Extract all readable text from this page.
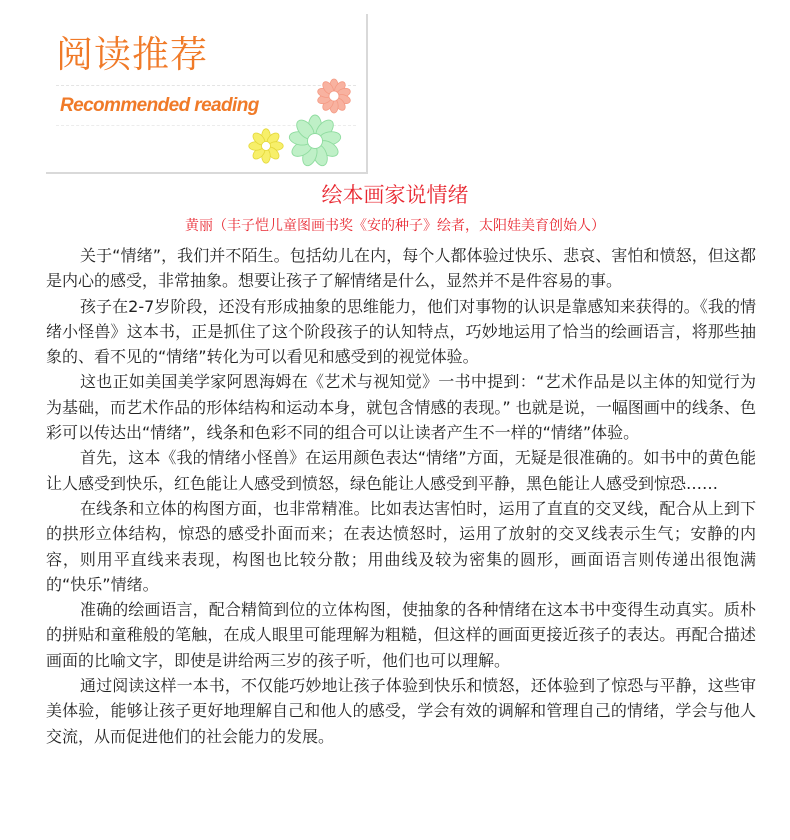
阅读推荐
Recommended reading
绘本画家说情绪
黄丽（丰子恺儿童图画书奖《安的种子》绘者，太阳娃美育创始人）

关于“情绪”，我们并不陌生。包括幼儿在内，每个人都体验过快乐、悲哀、害怕和愤怒，但这都是内心的感受，非常抽象。想要让孩子了解情绪是什么，显然并不是件容易的事。

孩子在2-7岁阶段，还没有形成抽象的思维能力，他们对事物的认识是靠感知来获得的。《我的情绪小怪兽》这本书，正是抓住了这个阶段孩子的认知特点，巧妙地运用了恰当的绘画语言，将那些抽象的、看不见的“情绪”转化为可以看见和感受到的视觉体验。

这也正如美国美学家阿恩海姆在《艺术与视知觉》一书中提到：“艺术作品是以主体的知觉行为为基础，而艺术作品的形体结构和运动本身，就包含情感的表现。” 也就是说，一幅图画中的线条、色彩可以传达出“情绪”，线条和色彩不同的组合可以让读者产生不一样的“情绪”体验。

首先，这本《我的情绪小怪兽》在运用颜色表达“情绪”方面，无疑是很准确的。如书中的黄色能让人感受到快乐，红色能让人感受到愤怒，绿色能让人感受到平静，黑色能让人感受到惊恐……

在线条和立体的构图方面，也非常精准。比如表达害怕时，运用了直直的交叉线，配合从上到下的拱形立体结构，惊恐的感受扑面而来；在表达愤怒时，运用了放射的交叉线表示生气；安静的内容，则用平直线来表现，构图也比较分散；用曲线及较为密集的圆形，画面语言则传递出很饱满的“快乐”情绪。

准确的绘画语言，配合精简到位的立体构图，使抽象的各种情绪在这本书中变得生动真实。质朴的拼贴和童稚般的笔触，在成人眼里可能理解为粗糙，但这样的画面更接近孩子的表达。再配合描述画面的比喻文字，即使是讲给两三岁的孩子听，他们也可以理解。

通过阅读这样一本书，不仅能巧妙地让孩子体验到快乐和愤怒，还体验到了惊恐与平静，这些审美体验，能够让孩子更好地理解自己和他人的感受，学会有效的调解和管理自己的情绪，学会与他人交流，从而促进他们的社会能力的发展。
